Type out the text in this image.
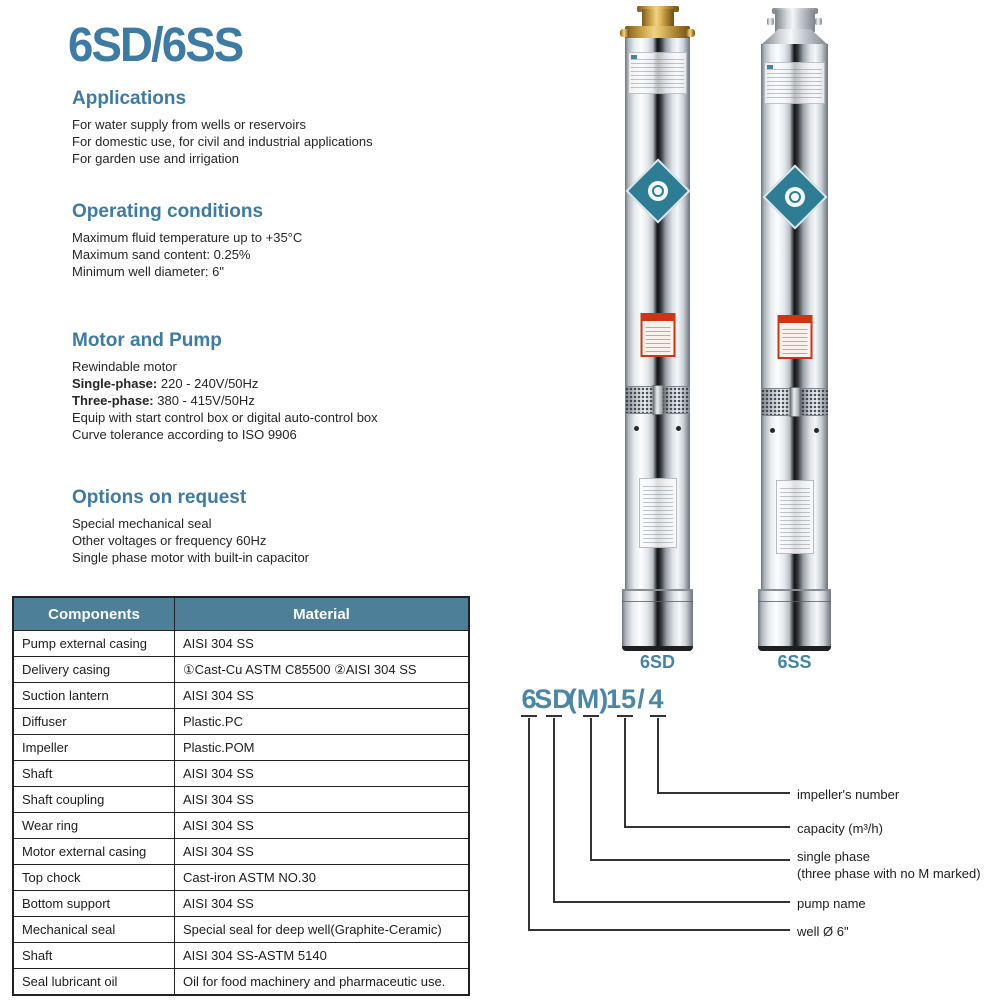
6SD/6SS
Applications
For water supply from wells or reservoirs
For domestic use, for civil and industrial applications
For garden use and irrigation
Operating conditions
Maximum fluid temperature up to +35°C
Maximum sand content: 0.25%
Minimum well diameter: 6"
Motor and Pump
Rewindable motor
Single-phase: 220 - 240V/50Hz
Three-phase: 380 - 415V/50Hz
Equip with start control box or digital auto-control box
Curve tolerance according to ISO 9906
Options on request
Special mechanical seal
Other voltages or frequency 60Hz
Single phase motor with built-in capacitor
Components	Material
Pump external casing	AISI 304 SS
Delivery casing	①Cast-Cu ASTM C85500 ②AISI 304 SS
Suction lantern	AISI 304 SS
Diffuser	Plastic.PC
Impeller	Plastic.POM
Shaft	AISI 304 SS
Shaft coupling	AISI 304 SS
Wear ring	AISI 304 SS
Motor external casing	AISI 304 SS
Top chock	Cast-iron ASTM NO.30
Bottom support	AISI 304 SS
Mechanical seal	Special seal for deep well(Graphite-Ceramic)
Shaft	AISI 304 SS-ASTM 5140
Seal lubricant oil	Oil for food machinery and pharmaceutic use.
6SD	6SS
6
SD
(M)
15 / 4
impeller's number
capacity (m³/h)
single phase
(three phase with no M marked)
pump name
well Ø 6"
